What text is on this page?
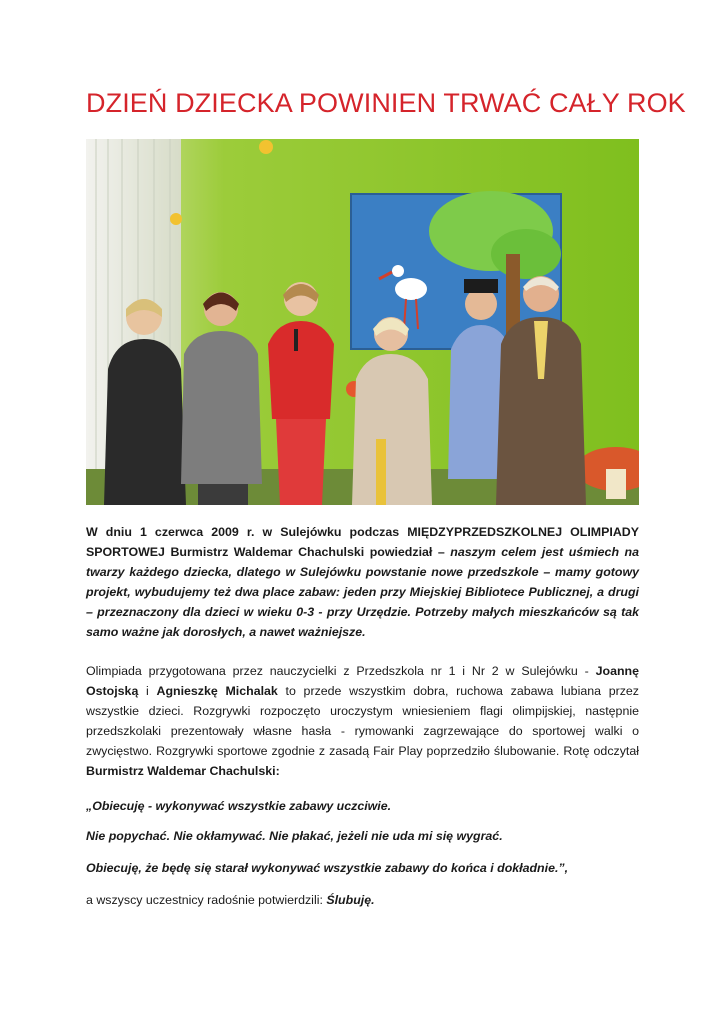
DZIEŃ DZIECKA POWINIEN TRWAĆ CAŁY ROK

W dniu 1 czerwca 2009 r. w Sulejówku podczas MIĘDZYPRZEDSZKOLNEJ OLIMPIADY SPORTOWEJ Burmistrz Waldemar Chachulski powiedział – naszym celem jest uśmiech na twarzy każdego dziecka, dlatego w Sulejówku powstanie nowe przedszkole – mamy gotowy projekt, wybudujemy też dwa place zabaw: jeden przy Miejskiej Bibliotece Publicznej, a drugi – przeznaczony dla dzieci w wieku 0-3 - przy Urzędzie. Potrzeby małych mieszkańców są tak samo ważne jak dorosłych, a nawet ważniejsze.

Olimpiada przygotowana przez nauczycielki z Przedszkola nr 1 i Nr 2 w Sulejówku - Joannę Ostojską i Agnieszkę Michalak to przede wszystkim dobra, ruchowa zabawa lubiana przez wszystkie dzieci. Rozgrywki rozpoczęto uroczystym wniesieniem flagi olimpijskiej, następnie przedszkolaki prezentowały własne hasła - rymowanki zagrzewające do sportowej walki o zwycięstwo. Rozgrywki sportowe zgodnie z zasadą Fair Play poprzedziło ślubowanie. Rotę odczytał Burmistrz Waldemar Chachulski:

„Obiecuję - wykonywać wszystkie zabawy uczciwie.

Nie popychać. Nie okłamywać. Nie płakać, jeżeli nie uda mi się wygrać.

Obiecuję, że będę się starał wykonywać wszystkie zabawy do końca i dokładnie.”,

a wszyscy uczestnicy radośnie potwierdzili: Ślubuję.
